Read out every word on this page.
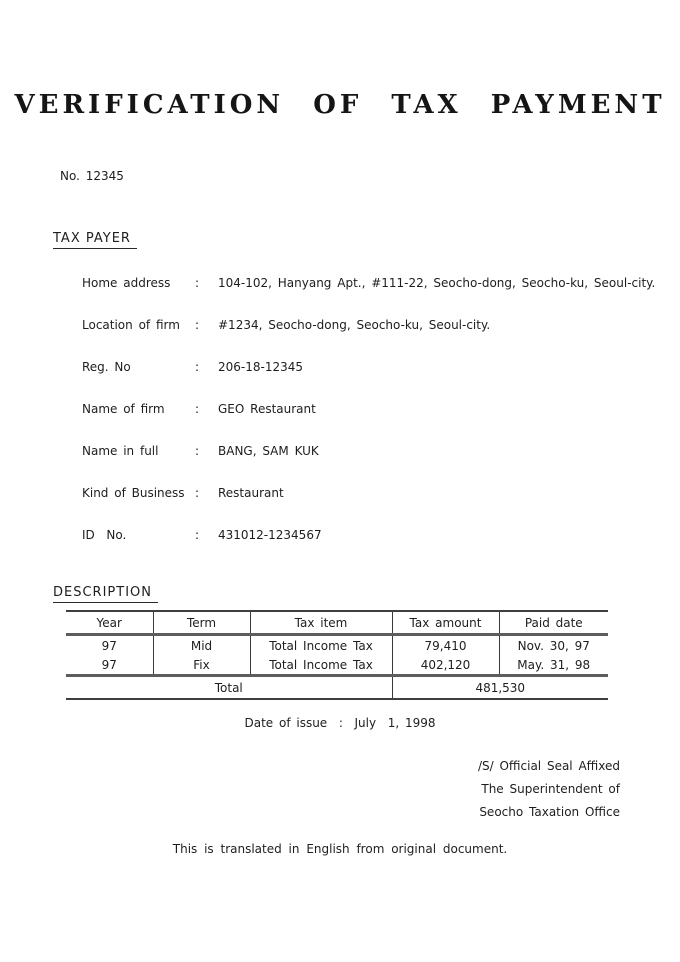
VERIFICATION OF TAX PAYMENT
No. 12345
TAX PAYER
Home address	:	104-102, Hanyang Apt., #111-22, Seocho-dong, Seocho-ku, Seoul-city.
Location of firm	:	#1234, Seocho-dong, Seocho-ku, Seoul-city.
Reg. No	:	206-18-12345
Name of firm	:	GEO Restaurant
Name in full	:	BANG, SAM KUK
Kind of Business :	Restaurant
ID  No.	:	431012-1234567
DESCRIPTION
Year	Term	Tax item	Tax amount	Paid date
97	Mid	Total Income Tax	79,410	Nov. 30, 97
97	Fix	Total Income Tax	402,120	May. 31, 98
Total			481,530	
Date of issue  :  July  1, 1998
/S/ Official Seal Affixed
The Superintendent of
Seocho Taxation Office
This is translated in English from original document.
